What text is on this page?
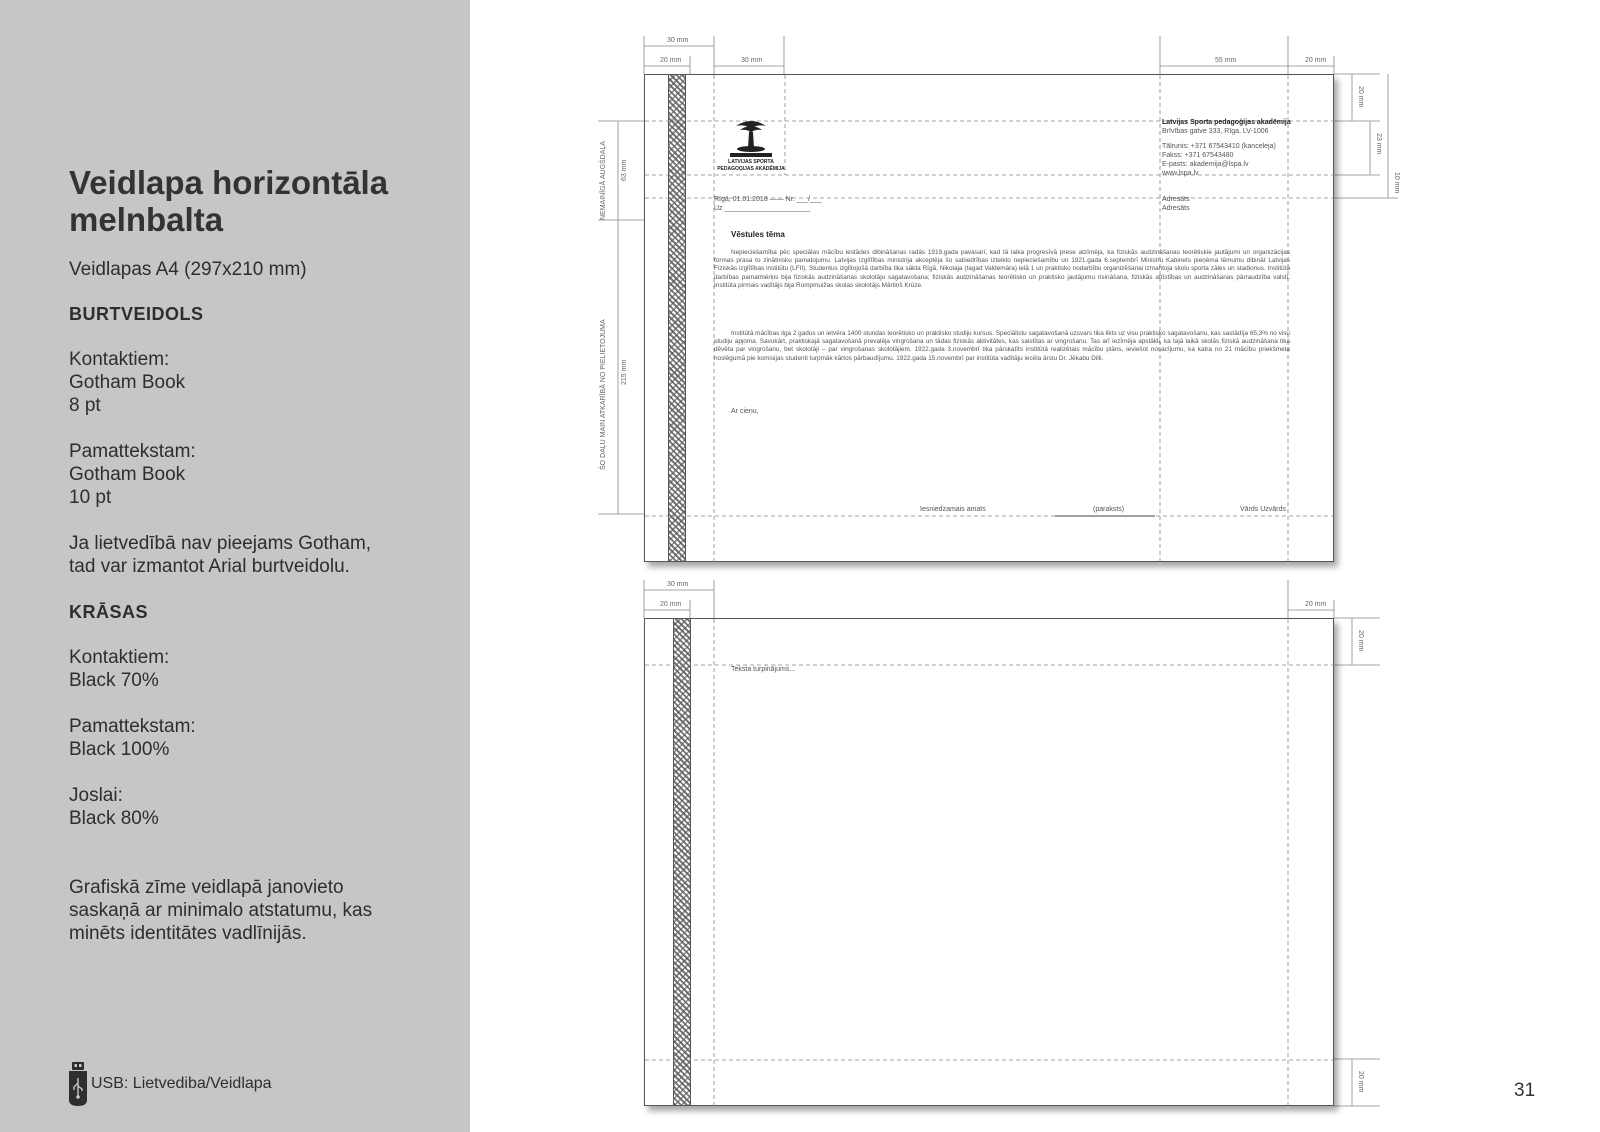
Veidlapa horizontāla
melnbalta
Veidlapas A4 (297x210 mm)
BURTVEIDOLS
Kontaktiem:
Gotham Book
8 pt
Pamattekstam:
Gotham Book
10 pt
Ja lietvedībā nav pieejams Gotham,
tad var izmantot Arial burtveidolu.
KRĀSAS
Kontaktiem:
Black 70%
Pamattekstam:
Black 100%
Joslai:
Black 80%
Grafiskā zīme veidlapā janovieto
saskaņā ar minimalo atstatumu, kas
minēts identitātes vadlīnijās.
USB: Lietvediba/Veidlapa	31
30 mm
20 mm	30 mm	55 mm	20 mm
20 mm
23 mm
10 mm
63 mm
215 mm
NEMAINĪGĀ AUGŠDAĻA
ŠO DAĻU MAIN ATKARĪBĀ NO PIELIETOJUMA
LATVIJAS SPORTA
PEDAGOĢIJAS AKADĒMIJA
Latvijas Sporta pedagoģijas akadēmija
Brīvības gatve 333, Rīga, LV-1006
Tālrunis: +371 67543410 (kanceleja)
Fakss: +371 67543480
E-pasts: akademija@lspa.lv
www.lspa.lv
Rīgā, 01.01.2018 —— Nr. ___/___
Uz ______________________
Adresāts
Adresāts
Vēstules tēma
Nepieciešamība pēc speciālas mācību iestādes dibināšanas radās 1919.gada pavasarī, kad tā laika progresīvā prese atzīmēja, ka fiziskās audzināšanas teorētiskie jautājumi un organizācijas formas prasa to zinātnisku pamatojumu. Latvijas Izglītības ministrija akceptēja šo sabiedrības izteikto nepieciešamību un 1921.gada 6.septembrī Ministru Kabinets pieņēma lēmumu dibināt Latvijas Fiziskās izglītības institūtu (LFII). Studentus izglītojošā darbība tika sākta Rīgā, Nikolaja (tagad Valdemāra) ielā 1 un praktisko nodarbību organizēšanai izmantoja skolu sporta zāles un stadionus. Institūta darbības pamatmērķis bija fiziskās audzināšanas skolotāju sagatavošana; fiziskās audzināšanas teorētisko un praktisko jautājumu risināšana, fiziskās attīstības un audzināšanas pārraudzība valstī. Institūta pirmais vadītājs bija Rumpmuižas skolas skolotājs Mārtiņš Krūze.
Institūtā mācības ilga 2 gadus un ietvēra 1400 stundas teorētisko un praktisko studiju kursus. Speciālistu sagatavošanā uzsvars tika likts uz visu praktisko sagatavošanu, kas sastādīja 65,3% no visu studiju apjoma. Savukārt, praktiskajā sagatavošanā prevalēja vingrošana un tādas fiziskās aktivitātes, kas saistītas ar vingrošanu. Tas arī iezīmēja apstākli, ka tajā laikā skolās fiziskā audzināšana tika dēvēta par vingrošanu, bet skolotāji – par vingrošanas skolotājiem. 1922.gada 3.novembrī tika pārskatīts institūtā realizētais mācību plāns, ieviešot nosacījumu, ka katra no 21 mācību priekšmeta noslēgumā pie komisijas studenti turpmāk kārtos pārbaudījumu. 1922.gada 15.novembrī par institūta vadītāju iecēla ārstu Dr. Jēkabu Dilli.
Ar cieņu,
Iesniedzamais amats	(paraksts)	Vārds Uzvārds
30 mm
20 mm	20 mm
20 mm
20 mm
Teksta turpinājums...
